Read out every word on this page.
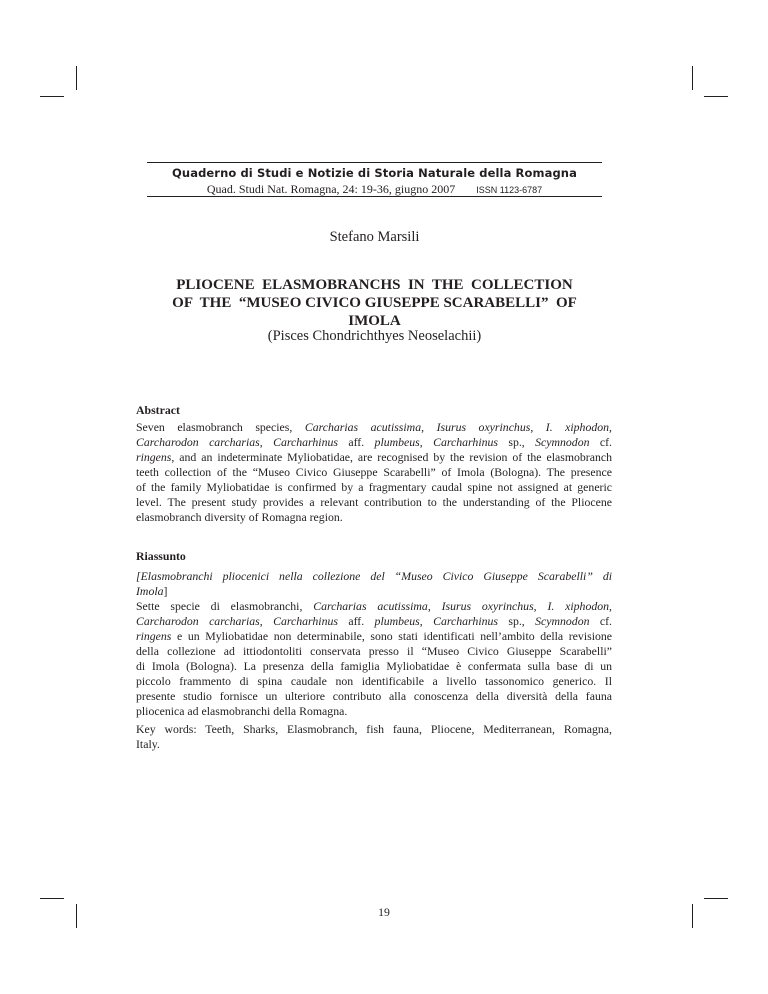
Quaderno di Studi e Notizie di Storia Naturale della Romagna
Quad. Studi Nat. Romagna, 24: 19-36, giugno 2007 ISSN 1123-6787
Stefano Marsili
PLIOCENE  ELASMOBRANCHS  IN  THE  COLLECTION
OF  THE  “MUSEO CIVICO GIUSEPPE SCARABELLI”  OF
IMOLA
(Pisces Chondrichthyes Neoselachii)
Abstract
Seven elasmobranch species, Carcharias acutissima, Isurus oxyrinchus, I. xiphodon,
Carcharodon carcharias, Carcharhinus aff. plumbeus, Carcharhinus sp., Scymnodon cf.
ringens, and an indeterminate Myliobatidae, are recognised by the revision of the elasmobranch
teeth collection of the “Museo Civico Giuseppe Scarabelli” of Imola (Bologna). The presence
of the family Myliobatidae is confirmed by a fragmentary caudal spine not assigned at generic
level. The present study provides a relevant contribution to the understanding of the Pliocene
elasmobranch diversity of Romagna region.
Riassunto
[Elasmobranchi pliocenici nella collezione del “Museo Civico Giuseppe Scarabelli” di
Imola]
Sette specie di elasmobranchi, Carcharias acutissima, Isurus oxyrinchus, I. xiphodon,
Carcharodon carcharias, Carcharhinus aff. plumbeus, Carcharhinus sp., Scymnodon cf.
ringens e un Myliobatidae non determinabile, sono stati identificati nell’ambito della revisione
della collezione ad ittiodontoliti conservata presso il “Museo Civico Giuseppe Scarabelli”
di Imola (Bologna). La presenza della famiglia Myliobatidae è confermata sulla base di un
piccolo frammento di spina caudale non identificabile a livello tassonomico generico. Il
presente studio fornisce un ulteriore contributo alla conoscenza della diversità della fauna
pliocenica ad elasmobranchi della Romagna.
Key words: Teeth, Sharks, Elasmobranch, fish fauna, Pliocene, Mediterranean, Romagna,
Italy.
19
